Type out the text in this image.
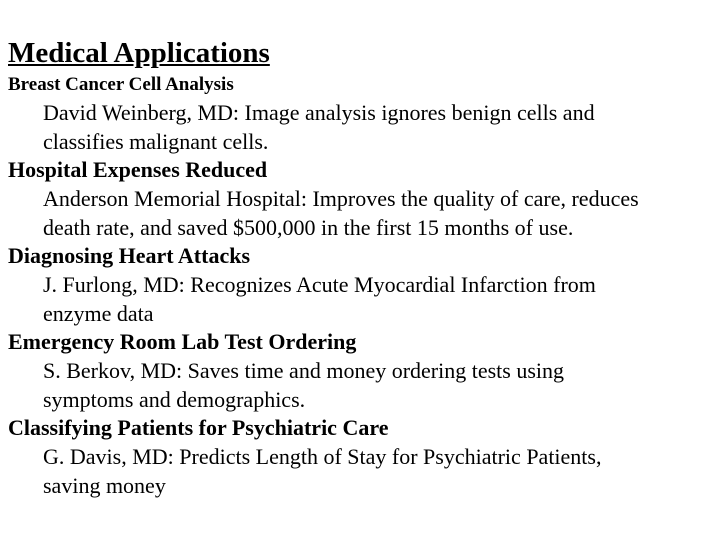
Medical Applications
Breast Cancer Cell Analysis
David Weinberg, MD: Image analysis ignores benign cells and
classifies malignant cells.
Hospital Expenses Reduced
Anderson Memorial Hospital: Improves the quality of care, reduces
death rate, and saved $500,000 in the first 15 months of use.
Diagnosing Heart Attacks
J. Furlong, MD: Recognizes Acute Myocardial Infarction from
enzyme data
Emergency Room Lab Test Ordering
S. Berkov, MD: Saves time and money ordering tests using
symptoms and demographics.
Classifying Patients for Psychiatric Care
G. Davis, MD: Predicts Length of Stay for Psychiatric Patients,
saving money
